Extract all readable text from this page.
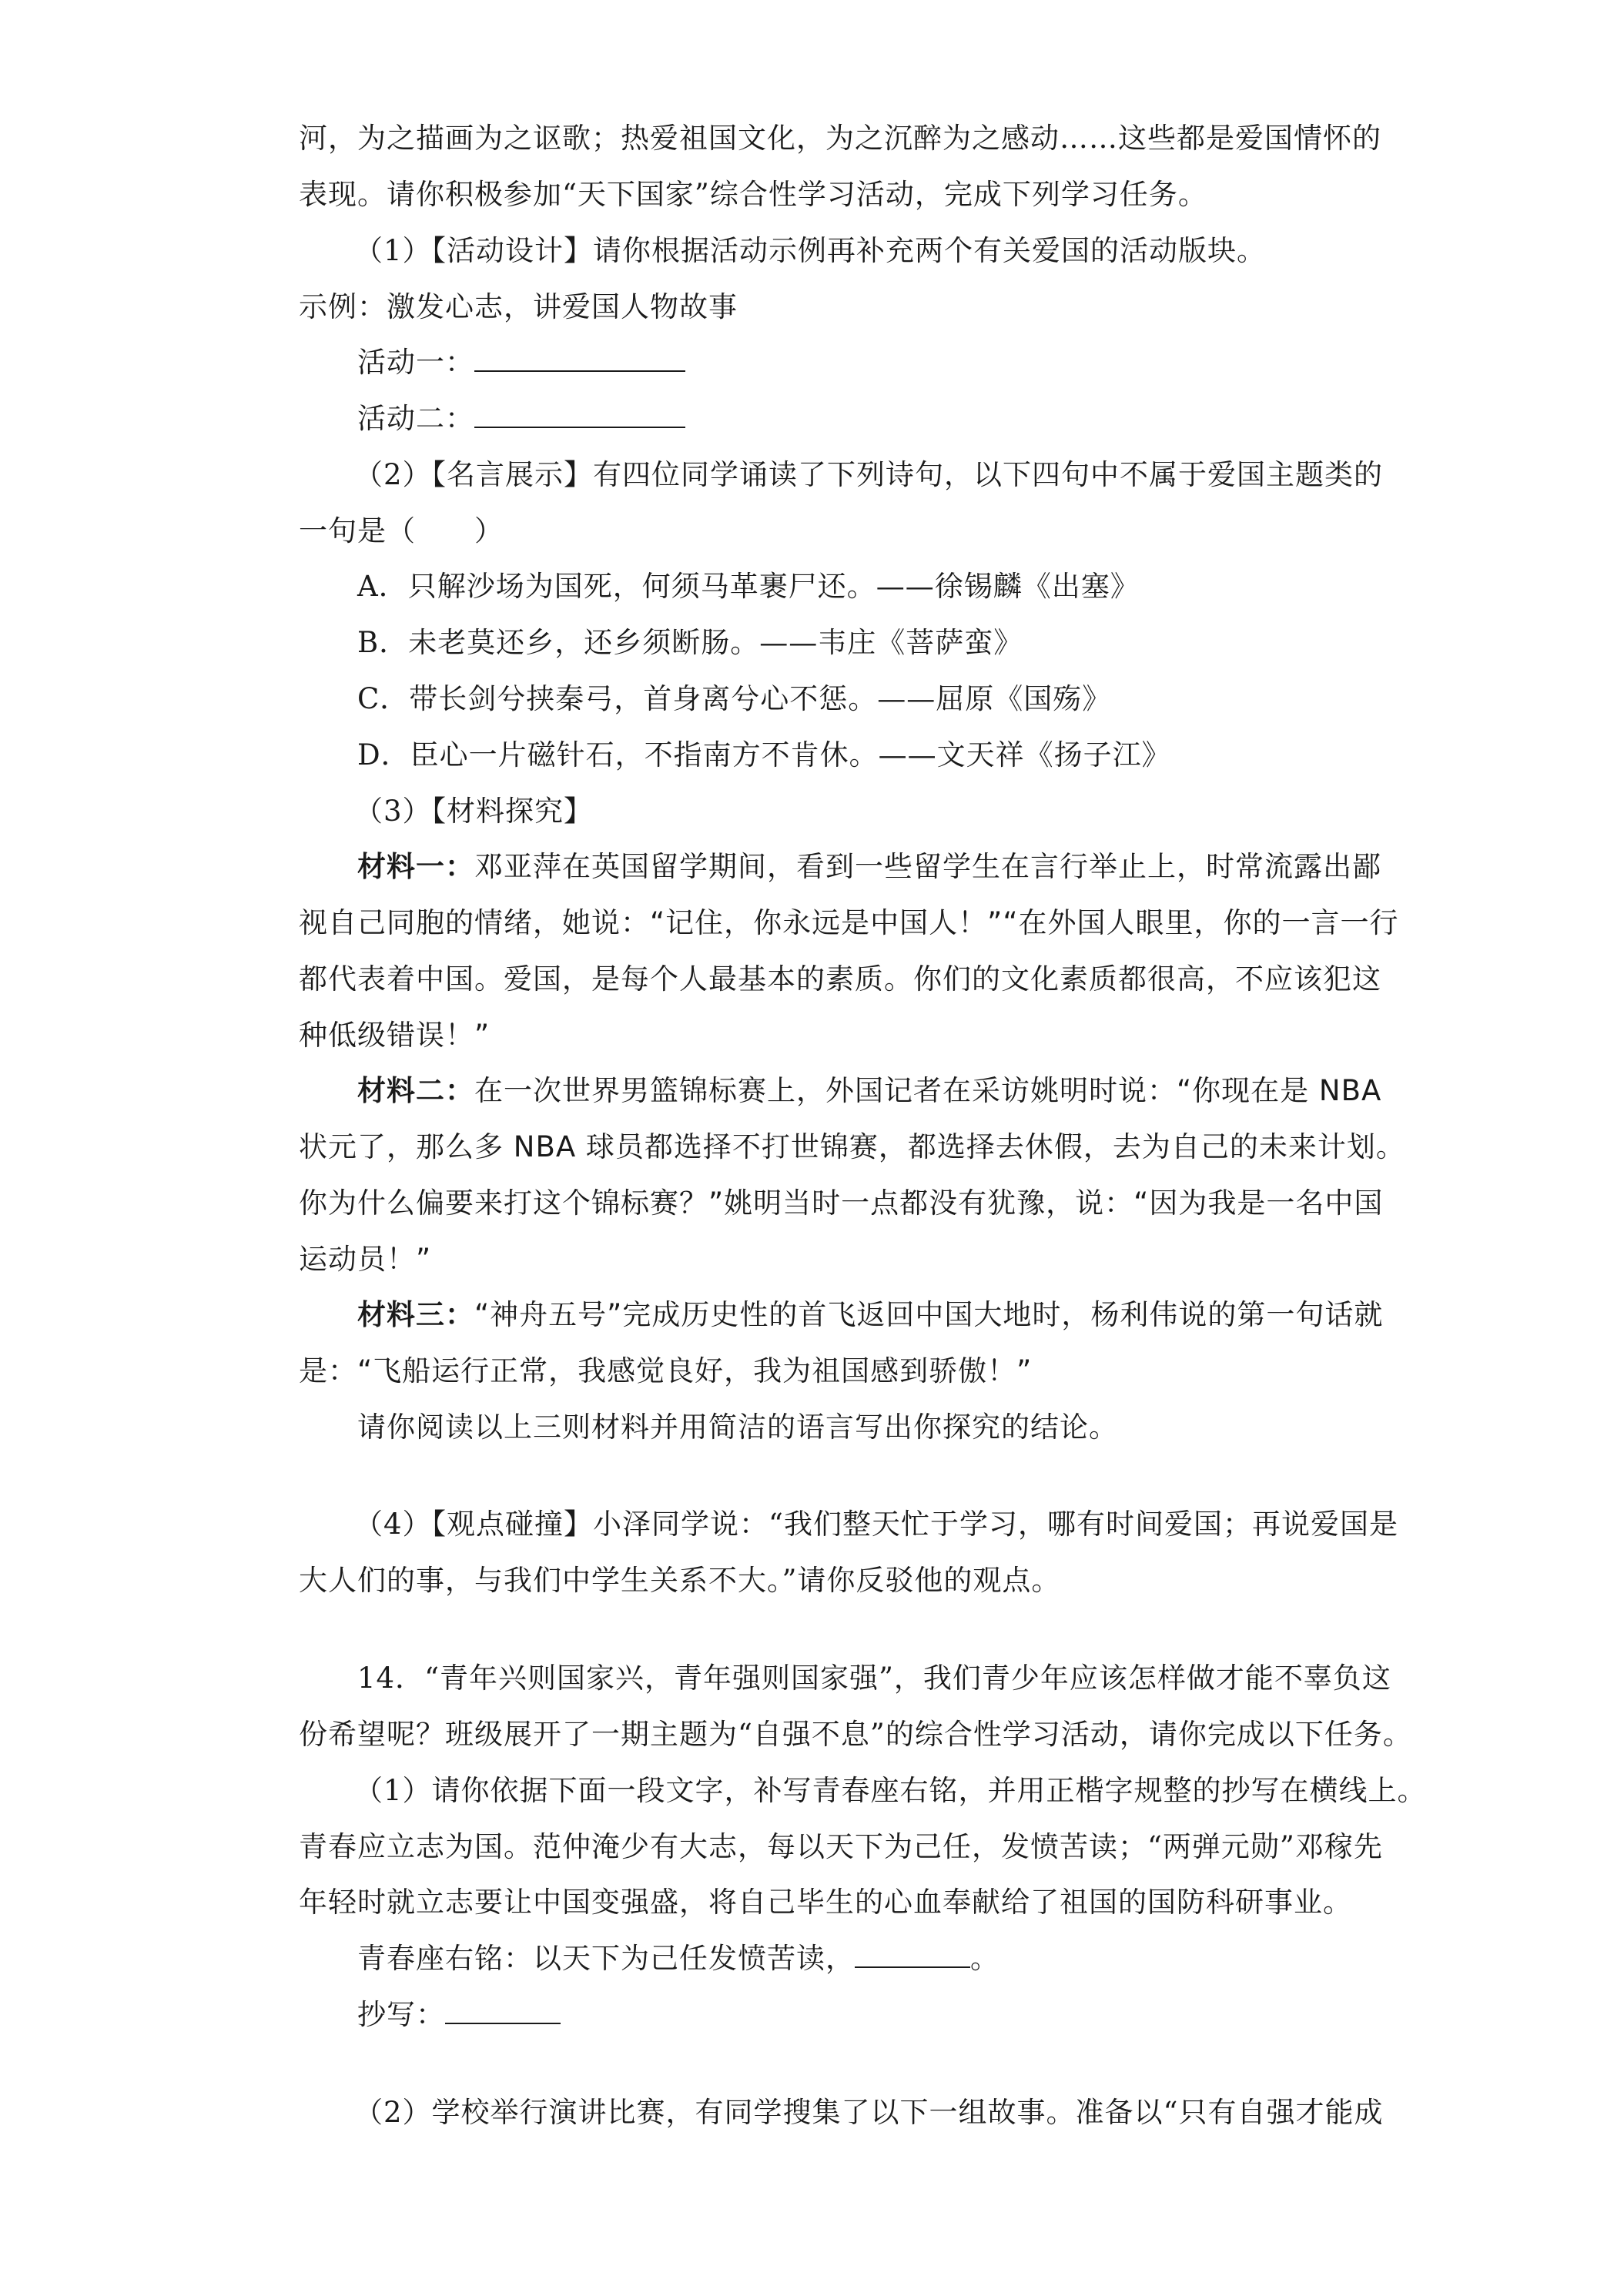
河，为之描画为之讴歌；热爱祖国文化，为之沉醉为之感动……这些都是爱国情怀的
表现。请你积极参加“天下国家”综合性学习活动，完成下列学习任务。
（1）【活动设计】请你根据活动示例再补充两个有关爱国的活动版块。
示例：激发心志，讲爱国人物故事
活动一：
活动二：
（2）【名言展示】有四位同学诵读了下列诗句，以下四句中不属于爱国主题类的
一句是（　　）
A．只解沙场为国死，何须马革裹尸还。——徐锡麟《出塞》
B．未老莫还乡，还乡须断肠。——韦庄《菩萨蛮》
C．带长剑兮挟秦弓，首身离兮心不惩。——屈原《国殇》
D．臣心一片磁针石，不指南方不肯休。——文天祥《扬子江》
（3）【材料探究】
材料一：邓亚萍在英国留学期间，看到一些留学生在言行举止上，时常流露出鄙
视自己同胞的情绪，她说：“记住，你永远是中国人！”“在外国人眼里，你的一言一行
都代表着中国。爱国，是每个人最基本的素质。你们的文化素质都很高，不应该犯这
种低级错误！”
材料二：在一次世界男篮锦标赛上，外国记者在采访姚明时说：“你现在是 NBA
状元了，那么多 NBA 球员都选择不打世锦赛，都选择去休假，去为自己的未来计划。
你为什么偏要来打这个锦标赛？”姚明当时一点都没有犹豫，说：“因为我是一名中国
运动员！”
材料三：“神舟五号”完成历史性的首飞返回中国大地时，杨利伟说的第一句话就
是：“飞船运行正常，我感觉良好，我为祖国感到骄傲！”
请你阅读以上三则材料并用简洁的语言写出你探究的结论。
（4）【观点碰撞】小泽同学说：“我们整天忙于学习，哪有时间爱国；再说爱国是
大人们的事，与我们中学生关系不大。”请你反驳他的观点。
14．“青年兴则国家兴，青年强则国家强”，我们青少年应该怎样做才能不辜负这
份希望呢？班级展开了一期主题为“自强不息”的综合性学习活动，请你完成以下任务。
（1）请你依据下面一段文字，补写青春座右铭，并用正楷字规整的抄写在横线上。
青春应立志为国。范仲淹少有大志，每以天下为己任，发愤苦读；“两弹元勋”邓稼先
年轻时就立志要让中国变强盛，将自己毕生的心血奉献给了祖国的国防科研事业。
青春座右铭：以天下为己任发愤苦读，	。
抄写：
（2）学校举行演讲比赛，有同学搜集了以下一组故事。准备以“只有自强才能成
